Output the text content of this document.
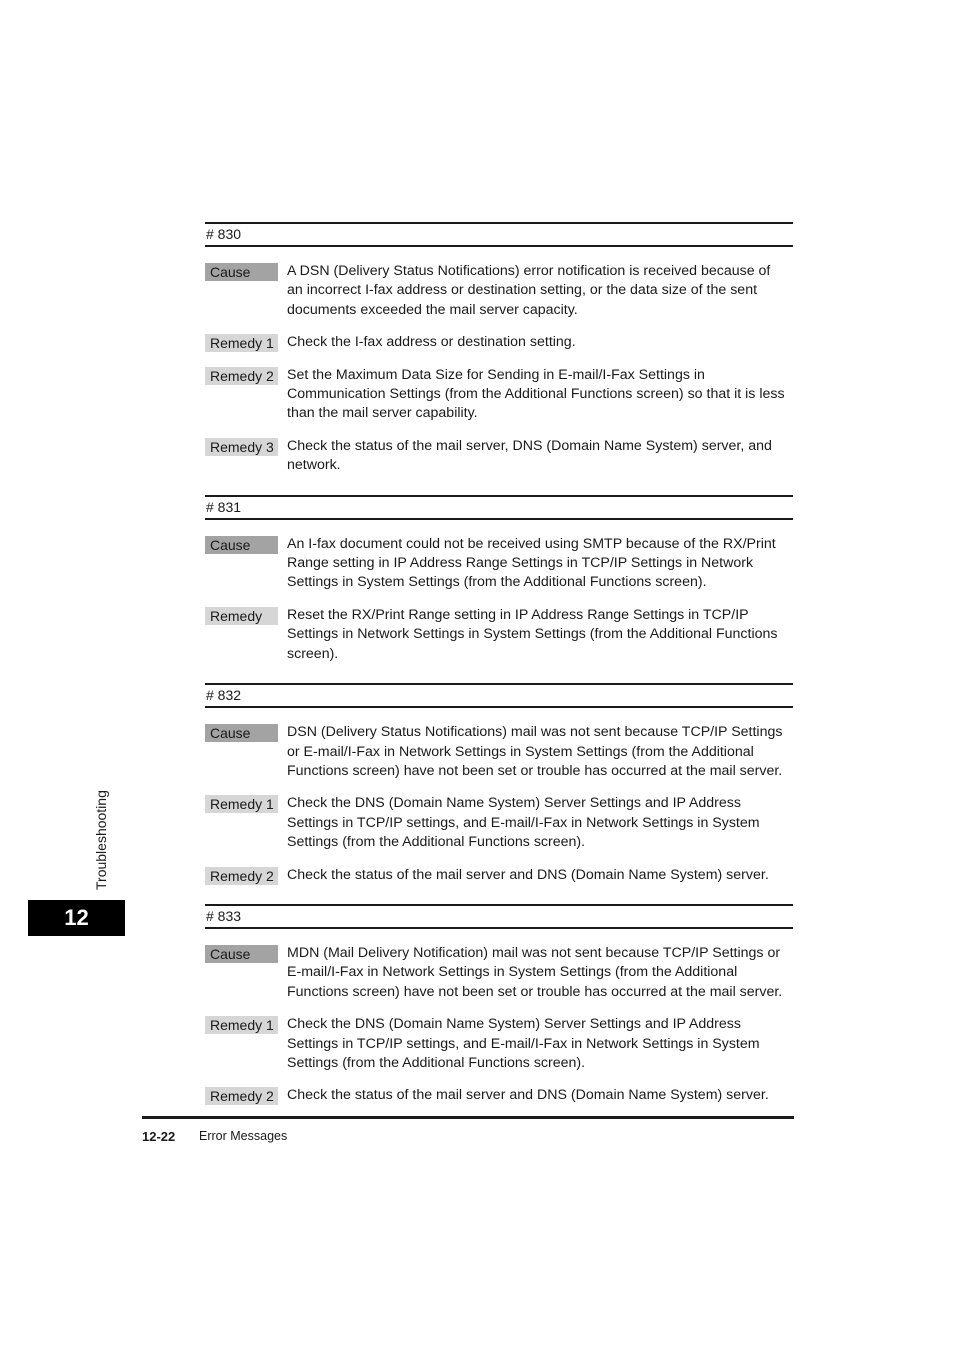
# 830
Cause	A DSN (Delivery Status Notifications) error notification is received because of
an incorrect I-fax address or destination setting, or the data size of the sent
documents exceeded the mail server capacity.
Remedy 1 Check the I-fax address or destination setting.
Remedy 2 Set the Maximum Data Size for Sending in E-mail/I-Fax Settings in
Communication Settings (from the Additional Functions screen) so that it is less
than the mail server capability.
Remedy 3 Check the status of the mail server, DNS (Domain Name System) server, and
network.
# 831
Cause	An I-fax document could not be received using SMTP because of the RX/Print
Range setting in IP Address Range Settings in TCP/IP Settings in Network
Settings in System Settings (from the Additional Functions screen).
Remedy	Reset the RX/Print Range setting in IP Address Range Settings in TCP/IP
Settings in Network Settings in System Settings (from the Additional Functions
screen).
# 832
Cause	DSN (Delivery Status Notifications) mail was not sent because TCP/IP Settings
or E-mail/I-Fax in Network Settings in System Settings (from the Additional
Functions screen) have not been set or trouble has occurred at the mail server.
Remedy 1 Check the DNS (Domain Name System) Server Settings and IP Address
Settings in TCP/IP settings, and E-mail/I-Fax in Network Settings in System
Settings (from the Additional Functions screen).
Remedy 2 Check the status of the mail server and DNS (Domain Name System) server.
# 833
Cause	MDN (Mail Delivery Notification) mail was not sent because TCP/IP Settings or
E-mail/I-Fax in Network Settings in System Settings (from the Additional
Functions screen) have not been set or trouble has occurred at the mail server.
Remedy 1 Check the DNS (Domain Name System) Server Settings and IP Address
Settings in TCP/IP settings, and E-mail/I-Fax in Network Settings in System
Settings (from the Additional Functions screen).
Remedy 2 Check the status of the mail server and DNS (Domain Name System) server.
12-22 Error Messages
Troubleshooting
12
